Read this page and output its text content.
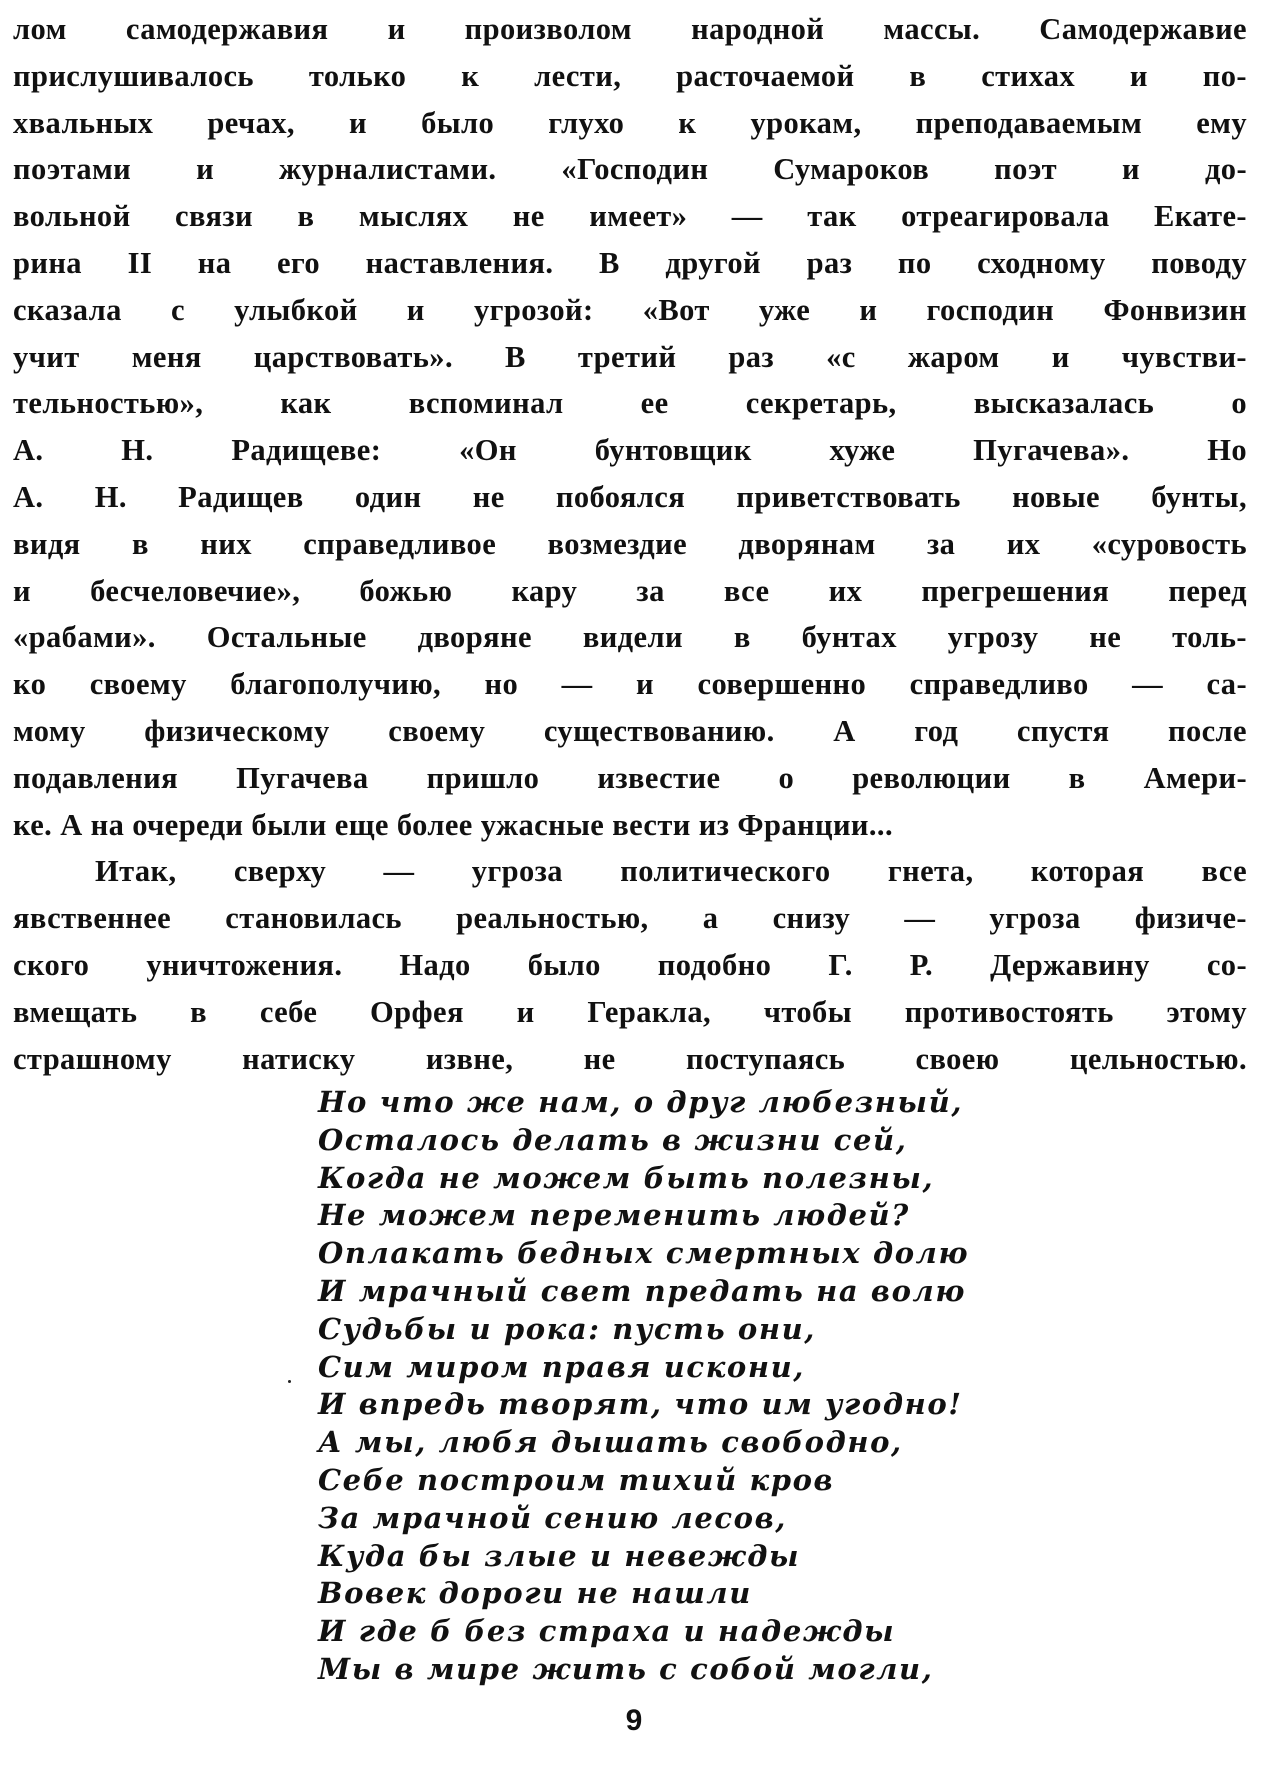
лом самодержавия и произволом народной массы. Самодержавие
прислушивалось только к лести, расточаемой в стихах и по-
хвальных речах, и было глухо к урокам, преподаваемым ему
поэтами и журналистами. «Господин Сумароков поэт и до-
вольной связи в мыслях не имеет» — так отреагировала Екате-
рина II на его наставления. В другой раз по сходному поводу
сказала с улыбкой и угрозой: «Вот уже и господин Фонвизин
учит меня царствовать». В третий раз «с жаром и чувстви-
тельностью», как вспоминал ее секретарь, высказалась о
А. Н. Радищеве: «Он бунтовщик хуже Пугачева». Но
А. Н. Радищев один не побоялся приветствовать новые бунты,
видя в них справедливое возмездие дворянам за их «суровость
и бесчеловечие», божью кару за все их прегрешения перед
«рабами». Остальные дворяне видели в бунтах угрозу не толь-
ко своему благополучию, но — и совершенно справедливо — са-
мому физическому своему существованию. А год спустя после
подавления Пугачева пришло известие о революции в Амери-
ке. А на очереди были еще более ужасные вести из Франции...
Итак, сверху — угроза политического гнета, которая все
явственнее становилась реальностью, а снизу — угроза физиче-
ского уничтожения. Надо было подобно Г. Р. Державину со-
вмещать в себе Орфея и Геракла, чтобы противостоять этому
страшному натиску извне, не поступаясь своею цельностью.
Но что же нам, о друг любезный,
Осталось делать в жизни сей,
Когда не можем быть полезны,
Не можем переменить людей?
Оплакать бедных смертных долю
И мрачный свет предать на волю
Судьбы и рока: пусть они,
Сим миром правя искони,
И впредь творят, что им угодно!
А мы, любя дышать свободно,
Себе построим тихий кров
За мрачной сению лесов,
Куда бы злые и невежды
Вовек дороги не нашли
И где б без страха и надежды
Мы в мире жить с собой могли,
9
